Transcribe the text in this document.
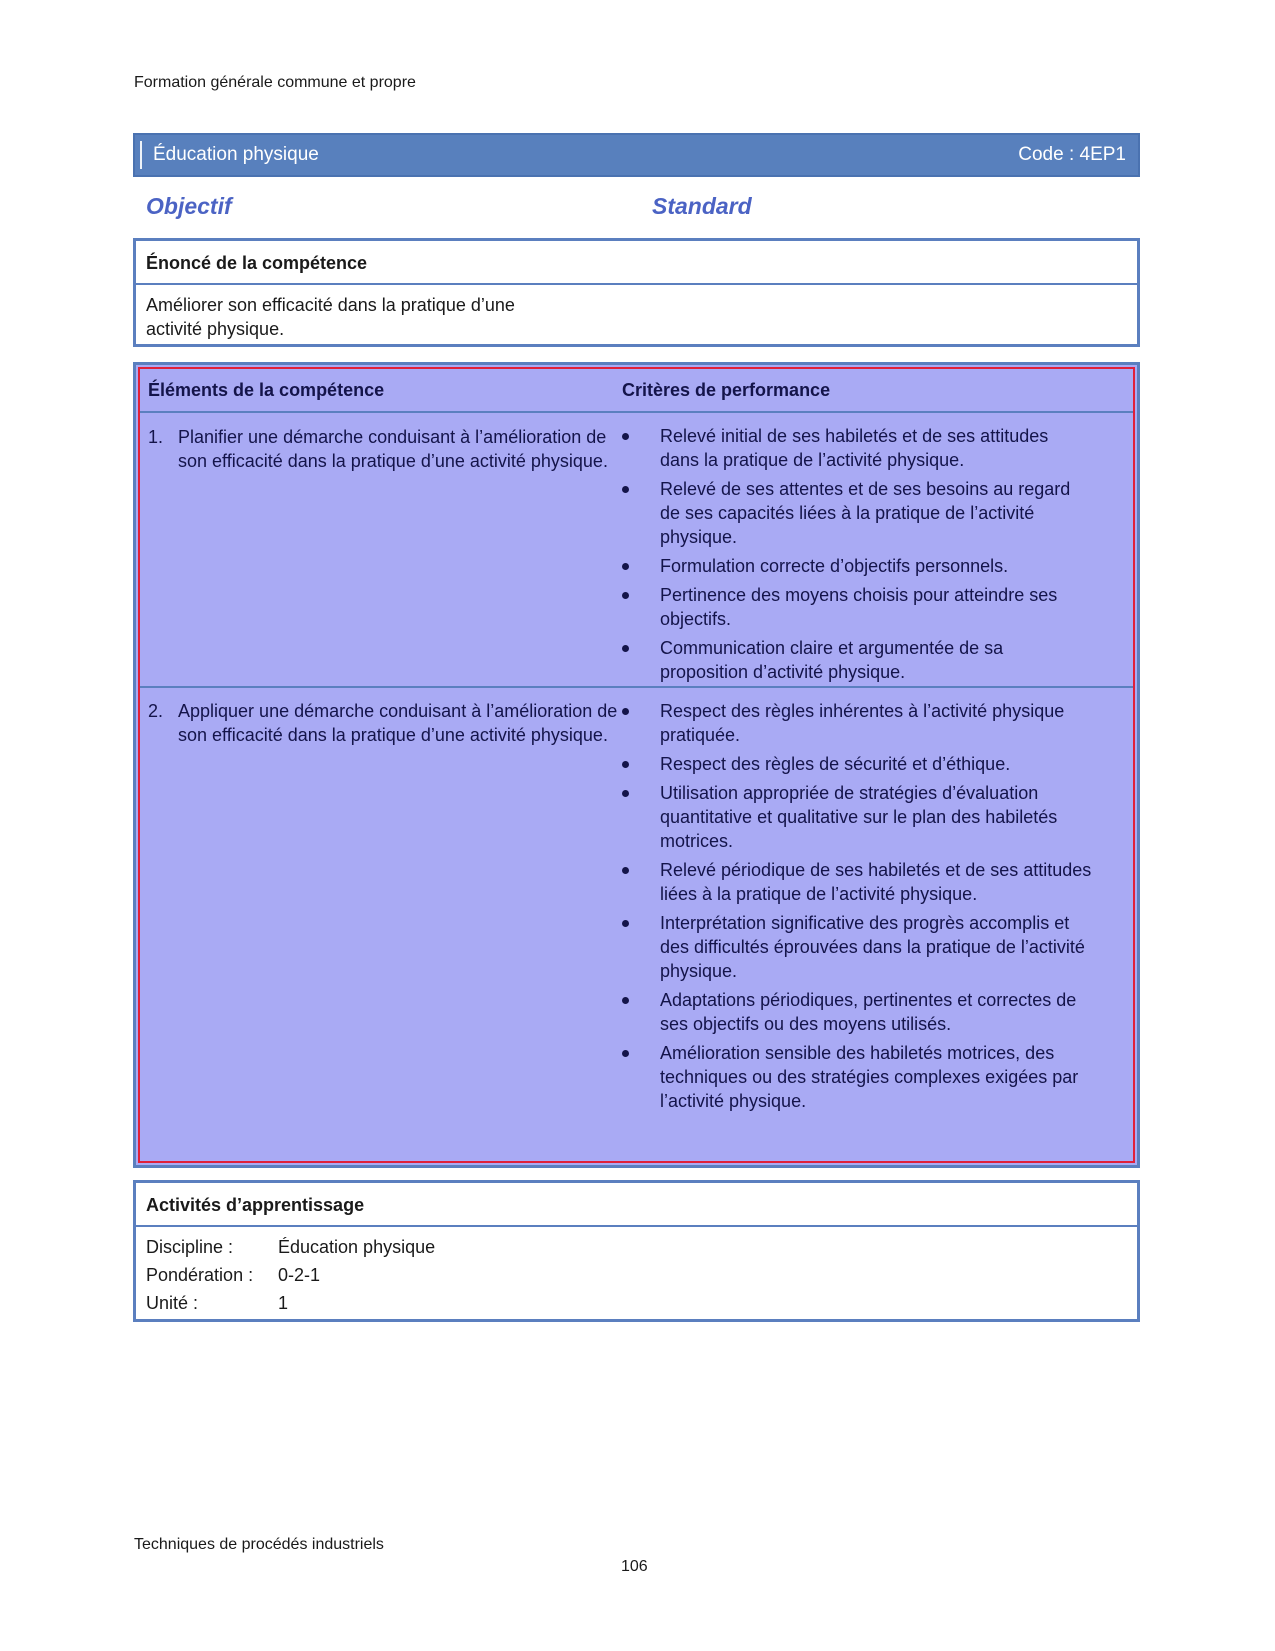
Formation générale commune et propre
Éducation physique	Code : 4EP1
Objectif	Standard
Énoncé de la compétence
Améliorer son efficacité dans la pratique d’une activité physique.
Éléments de la compétence	Critères de performance
1. Planifier une démarche conduisant à l’amélioration de son efficacité dans la pratique d’une activité physique.
Relevé initial de ses habiletés et de ses attitudes dans la pratique de l’activité physique.
Relevé de ses attentes et de ses besoins au regard de ses capacités liées à la pratique de l’activité physique.
Formulation correcte d’objectifs personnels.
Pertinence des moyens choisis pour atteindre ses objectifs.
Communication claire et argumentée de sa proposition d’activité physique.
2. Appliquer une démarche conduisant à l’amélioration de son efficacité dans la pratique d’une activité physique.
Respect des règles inhérentes à l’activité physique pratiquée.
Respect des règles de sécurité et d’éthique.
Utilisation appropriée de stratégies d’évaluation quantitative et qualitative sur le plan des habiletés motrices.
Relevé périodique de ses habiletés et de ses attitudes liées à la pratique de l’activité physique.
Interprétation significative des progrès accomplis et des difficultés éprouvées dans la pratique de l’activité physique.
Adaptations périodiques, pertinentes et correctes de ses objectifs ou des moyens utilisés.
Amélioration sensible des habiletés motrices, des techniques ou des stratégies complexes exigées par l’activité physique.
Activités d’apprentissage
Discipline :	Éducation physique
Pondération :	0-2-1
Unité :	1
Techniques de procédés industriels
106
